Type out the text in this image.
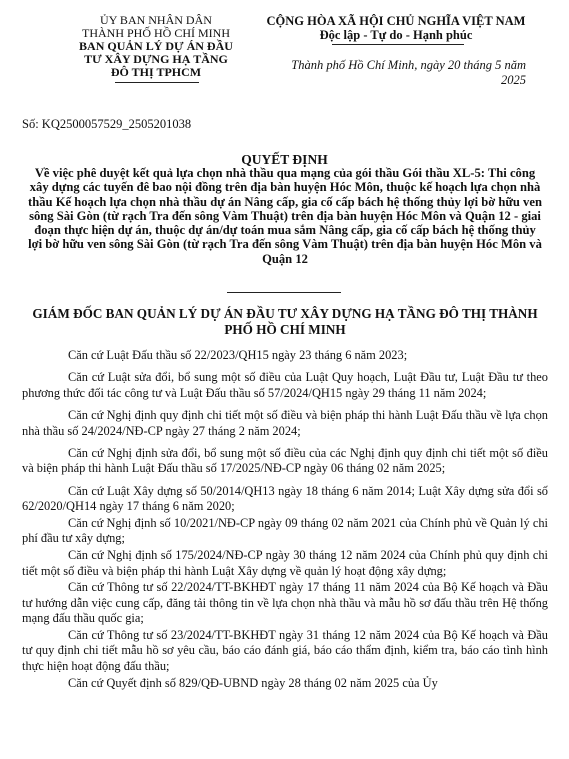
ỦY BAN NHÂN DÂN
THÀNH PHỐ HỒ CHÍ MINH
BAN QUẢN LÝ DỰ ÁN ĐẦU
TƯ XÂY DỰNG HẠ TẦNG
ĐÔ THỊ TPHCM
CỘNG HÒA XÃ HỘI CHỦ NGHĨA VIỆT NAM
Độc lập - Tự do - Hạnh phúc
Thành phố Hồ Chí Minh, ngày 20 tháng 5 năm
2025
Số: KQ2500057529_2505201038
QUYẾT ĐỊNH
Về việc phê duyệt kết quả lựa chọn nhà thầu qua mạng của gói thầu Gói thầu XL-5: Thi công xây dựng các tuyến đê bao nội đồng trên địa bàn huyện Hóc Môn, thuộc kế hoạch lựa chọn nhà thầu Kế hoạch lựa chọn nhà thầu dự án Nâng cấp, gia cố cấp bách hệ thống thủy lợi bờ hữu ven sông Sài Gòn (từ rạch Tra đến sông Vàm Thuật) trên địa bàn huyện Hóc Môn và Quận 12 - giai đoạn thực hiện dự án, thuộc dự án/dự toán mua sắm Nâng cấp, gia cố cấp bách hệ thống thủy lợi bờ hữu ven sông Sài Gòn (từ rạch Tra đến sông Vàm Thuật) trên địa bàn huyện Hóc Môn và Quận 12
GIÁM ĐỐC BAN QUẢN LÝ DỰ ÁN ĐẦU TƯ XÂY DỰNG HẠ TẦNG ĐÔ THỊ THÀNH PHỐ HỒ CHÍ MINH

Căn cứ Luật Đấu thầu số 22/2023/QH15 ngày 23 tháng 6 năm 2023;

Căn cứ Luật sửa đổi, bổ sung một số điều của Luật Quy hoạch, Luật Đầu tư, Luật Đầu tư theo phương thức đối tác công tư và Luật Đấu thầu số 57/2024/QH15 ngày 29 tháng 11 năm 2024;

Căn cứ Nghị định quy định chi tiết một số điều và biện pháp thi hành Luật Đấu thầu về lựa chọn nhà thầu số 24/2024/NĐ-CP ngày 27 tháng 2 năm 2024;

Căn cứ Nghị định sửa đổi, bổ sung một số điều của các Nghị định quy định chi tiết một số điều và biện pháp thi hành Luật Đấu thầu số 17/2025/NĐ-CP ngày 06 tháng 02 năm 2025;

Căn cứ Luật Xây dựng số 50/2014/QH13 ngày 18 tháng 6 năm 2014; Luật Xây dựng sửa đổi số 62/2020/QH14 ngày 17 tháng 6 năm 2020;

Căn cứ Nghị định số 10/2021/NĐ-CP ngày 09 tháng 02 năm 2021 của Chính phủ về Quản lý chi phí đầu tư xây dựng;

Căn cứ Nghị định số 175/2024/NĐ-CP ngày 30 tháng 12 năm 2024 của Chính phủ quy định chi tiết một số điều và biện pháp thi hành Luật Xây dựng về quản lý hoạt động xây dựng;

Căn cứ Thông tư số 22/2024/TT-BKHĐT ngày 17 tháng 11 năm 2024 của Bộ Kế hoạch và Đầu tư hướng dẫn việc cung cấp, đăng tải thông tin về lựa chọn nhà thầu và mẫu hồ sơ đấu thầu trên Hệ thống mạng đấu thầu quốc gia;

Căn cứ Thông tư số 23/2024/TT-BKHĐT ngày 31 tháng 12 năm 2024 của Bộ Kế hoạch và Đầu tư quy định chi tiết mẫu hồ sơ yêu cầu, báo cáo đánh giá, báo cáo thẩm định, kiểm tra, báo cáo tình hình thực hiện hoạt động đấu thầu;

Căn cứ Quyết định số 829/QĐ-UBND ngày 28 tháng 02 năm 2025 của Ủy
